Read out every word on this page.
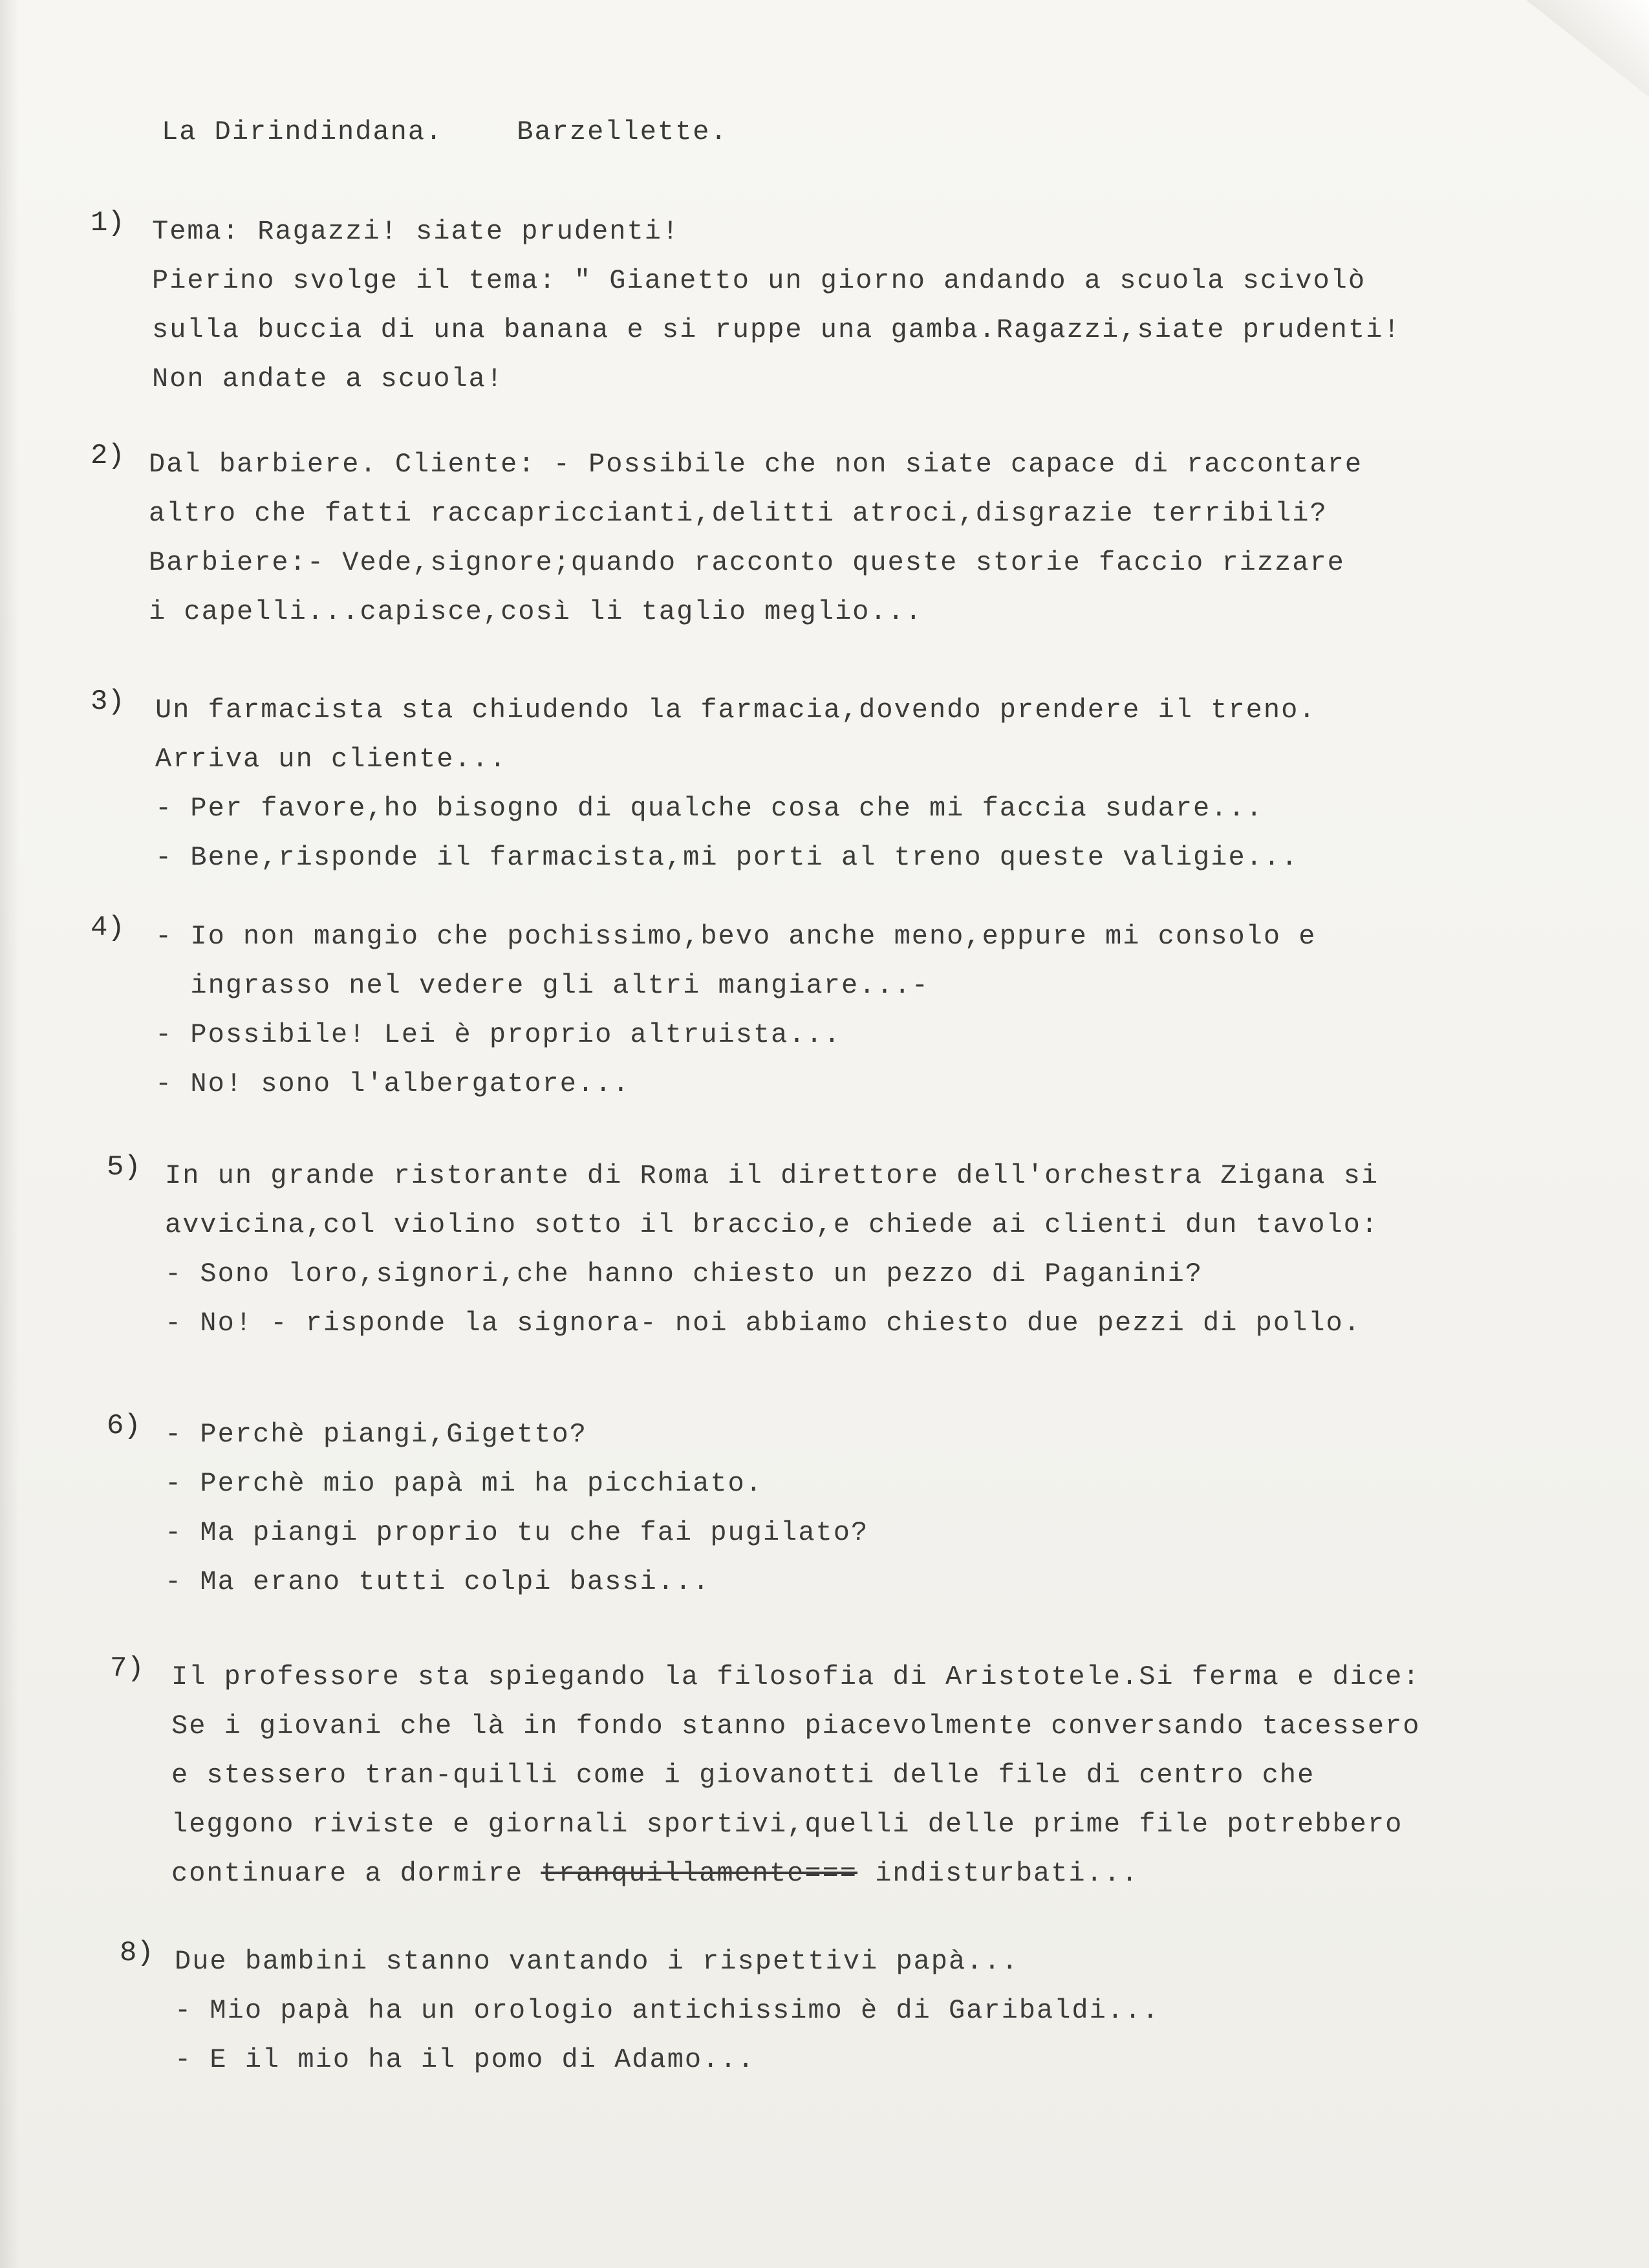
La Dirindindana.	Barzellette.
1) Tema: Ragazzi! siate prudenti!
Pierino svolge il tema: " Gianetto un giorno andando a scuola scivolò
sulla buccia di una banana e si ruppe una gamba.Ragazzi,siate prudenti!
Non andate a scuola!
2) Dal barbiere. Cliente: - Possibile che non siate capace di raccontare
altro che fatti raccapriccianti,delitti atroci,disgrazie terribili?
Barbiere:- Vede,signore;quando racconto queste storie faccio rizzare
i capelli...capisce,così li taglio meglio...
3) Un farmacista sta chiudendo la farmacia,dovendo prendere il treno.
Arriva un cliente...
- Per favore,ho bisogno di qualche cosa che mi faccia sudare...
- Bene,risponde il farmacista,mi porti al treno queste valigie...
4) - Io non mangio che pochissimo,bevo anche meno,eppure mi consolo e
ingrasso nel vedere gli altri mangiare...-
- Possibile! Lei è proprio altruista...
- No! sono l'albergatore...
5) In un grande ristorante di Roma il direttore dell'orchestra Zigana si
avvicina,col violino sotto il braccio,e chiede ai clienti dun tavolo:
- Sono loro,signori,che hanno chiesto un pezzo di Paganini?
- No! - risponde la signora- noi abbiamo chiesto due pezzi di pollo.
6) - Perchè piangi,Gigetto?
- Perchè mio papà mi ha picchiato.
- Ma piangi proprio tu che fai pugilato?
- Ma erano tutti colpi bassi...
7) Il professore sta spiegando la filosofia di Aristotele.Si ferma e dice:
Se i giovani che là in fondo stanno piacevolmente conversando tacessero
e stessero tran-quilli come i giovanotti delle file di centro che
leggono riviste e giornali sportivi,quelli delle prime file potrebbero
continuare a dormire tranquillamente=== indisturbati...
8) Due bambini stanno vantando i rispettivi papà...
- Mio papà ha un orologio antichissimo è di Garibaldi...
- E il mio ha il pomo di Adamo...
